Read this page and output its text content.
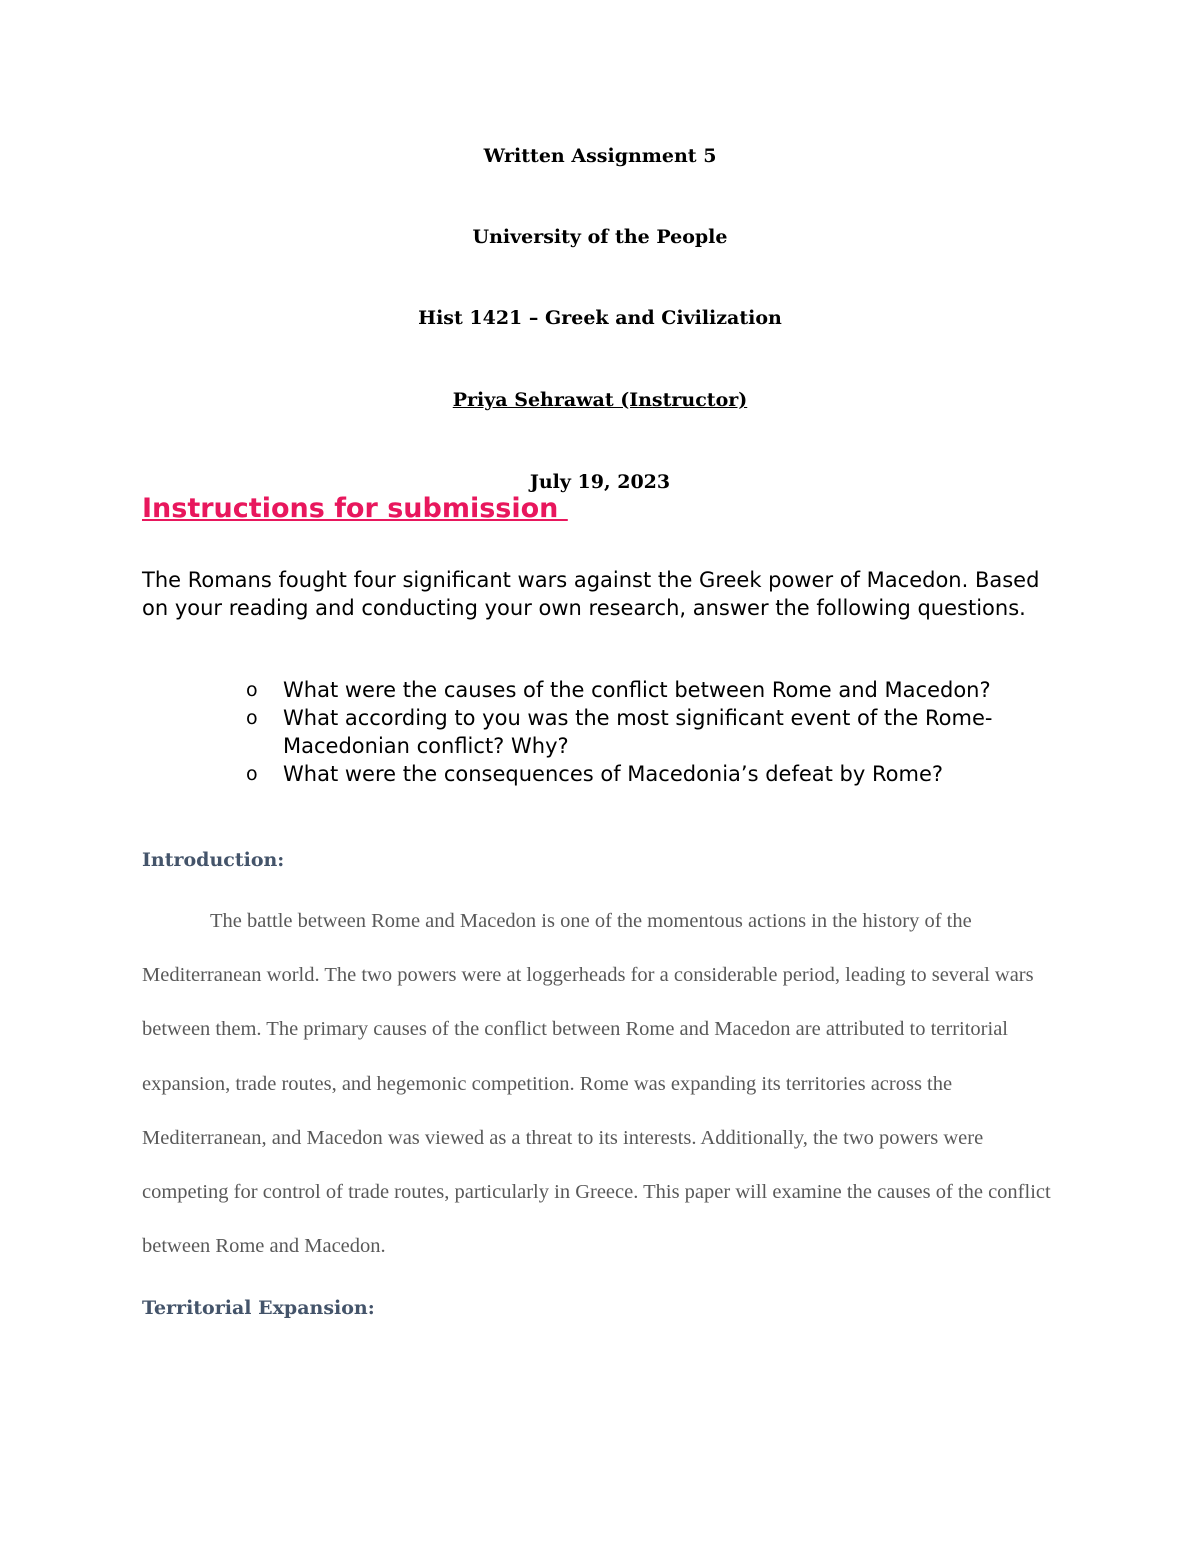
Written Assignment 5
University of the People
Hist 1421 – Greek and Civilization
Priya Sehrawat (Instructor)
July 19, 2023
Instructions for submission
The Romans fought four significant wars against the Greek power of Macedon. Based on your reading and conducting your own research, answer the following questions.
o What were the causes of the conflict between Rome and Macedon?
o What according to you was the most significant event of the Rome-Macedonian conflict? Why?
o What were the consequences of Macedonia’s defeat by Rome?
Introduction:

The battle between Rome and Macedon is one of the momentous actions in the history of the Mediterranean world. The two powers were at loggerheads for a considerable period, leading to several wars between them. The primary causes of the conflict between Rome and Macedon are attributed to territorial expansion, trade routes, and hegemonic competition. Rome was expanding its territories across the Mediterranean, and Macedon was viewed as a threat to its interests. Additionally, the two powers were competing for control of trade routes, particularly in Greece. This paper will examine the causes of the conflict between Rome and Macedon.

Territorial Expansion:
